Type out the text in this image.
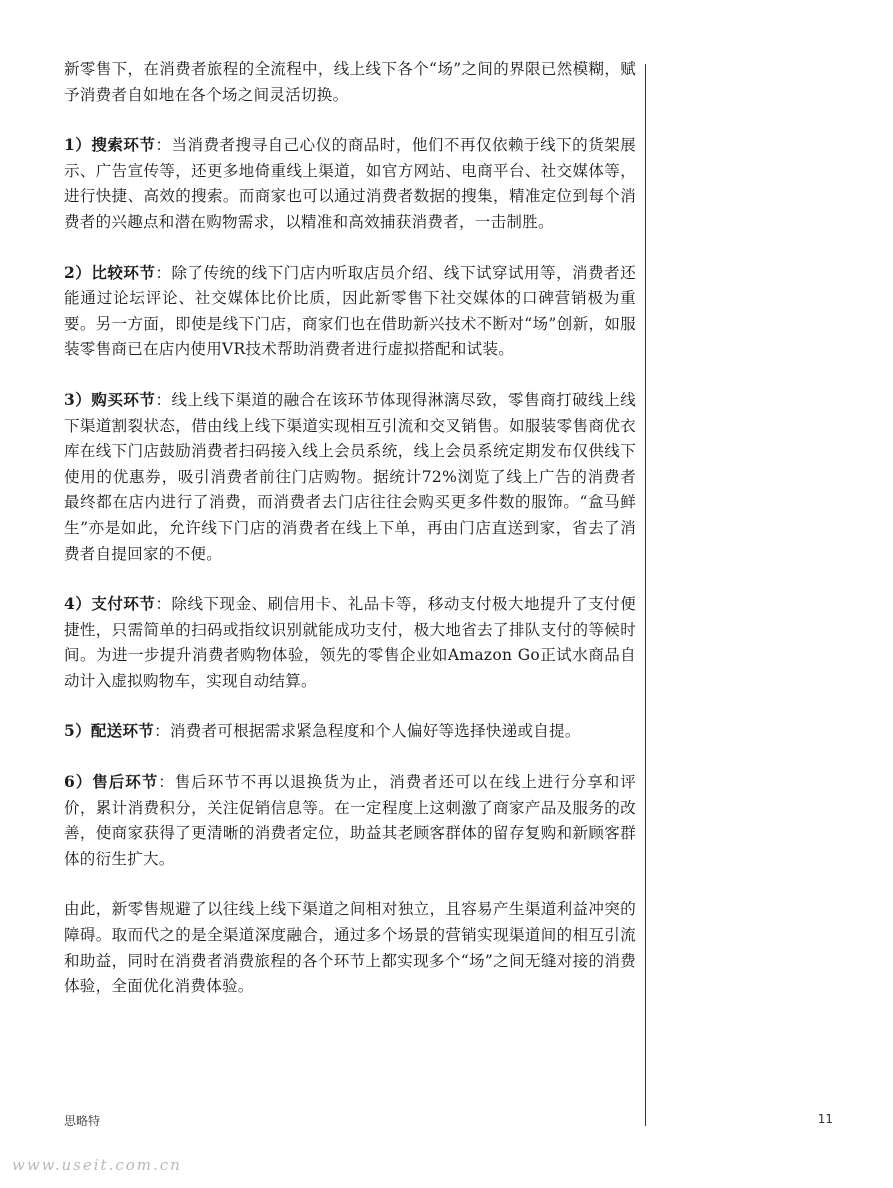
新零售下，在消费者旅程的全流程中，线上线下各个“场”之间的界限已然模糊，赋予消费者自如地在各个场之间灵活切换。

1）搜索环节：当消费者搜寻自己心仪的商品时，他们不再仅依赖于线下的货架展示、广告宣传等，还更多地倚重线上渠道，如官方网站、电商平台、社交媒体等，进行快捷、高效的搜索。而商家也可以通过消费者数据的搜集，精准定位到每个消费者的兴趣点和潜在购物需求，以精准和高效捕获消费者，一击制胜。

2）比较环节：除了传统的线下门店内听取店员介绍、线下试穿试用等，消费者还能通过论坛评论、社交媒体比价比质，因此新零售下社交媒体的口碑营销极为重要。另一方面，即使是线下门店，商家们也在借助新兴技术不断对“场”创新，如服装零售商已在店内使用VR技术帮助消费者进行虚拟搭配和试装。

3）购买环节：线上线下渠道的融合在该环节体现得淋漓尽致，零售商打破线上线下渠道割裂状态，借由线上线下渠道实现相互引流和交叉销售。如服装零售商优衣库在线下门店鼓励消费者扫码接入线上会员系统，线上会员系统定期发布仅供线下使用的优惠券，吸引消费者前往门店购物。据统计72%浏览了线上广告的消费者最终都在店内进行了消费，而消费者去门店往往会购买更多件数的服饰。“盒马鲜生”亦是如此，允许线下门店的消费者在线上下单，再由门店直送到家，省去了消费者自提回家的不便。

4）支付环节：除线下现金、刷信用卡、礼品卡等，移动支付极大地提升了支付便捷性，只需简单的扫码或指纹识别就能成功支付，极大地省去了排队支付的等候时间。为进一步提升消费者购物体验，领先的零售企业如Amazon Go正试水商品自动计入虚拟购物车，实现自动结算。

5）配送环节：消费者可根据需求紧急程度和个人偏好等选择快递或自提。

6）售后环节：售后环节不再以退换货为止，消费者还可以在线上进行分享和评价，累计消费积分，关注促销信息等。在一定程度上这刺激了商家产品及服务的改善，使商家获得了更清晰的消费者定位，助益其老顾客群体的留存复购和新顾客群体的衍生扩大。

由此，新零售规避了以往线上线下渠道之间相对独立，且容易产生渠道利益冲突的障碍。取而代之的是全渠道深度融合，通过多个场景的营销实现渠道间的相互引流和助益，同时在消费者消费旅程的各个环节上都实现多个“场”之间无缝对接的消费体验，全面优化消费体验。

思略特	11
www.useit.com.cn
